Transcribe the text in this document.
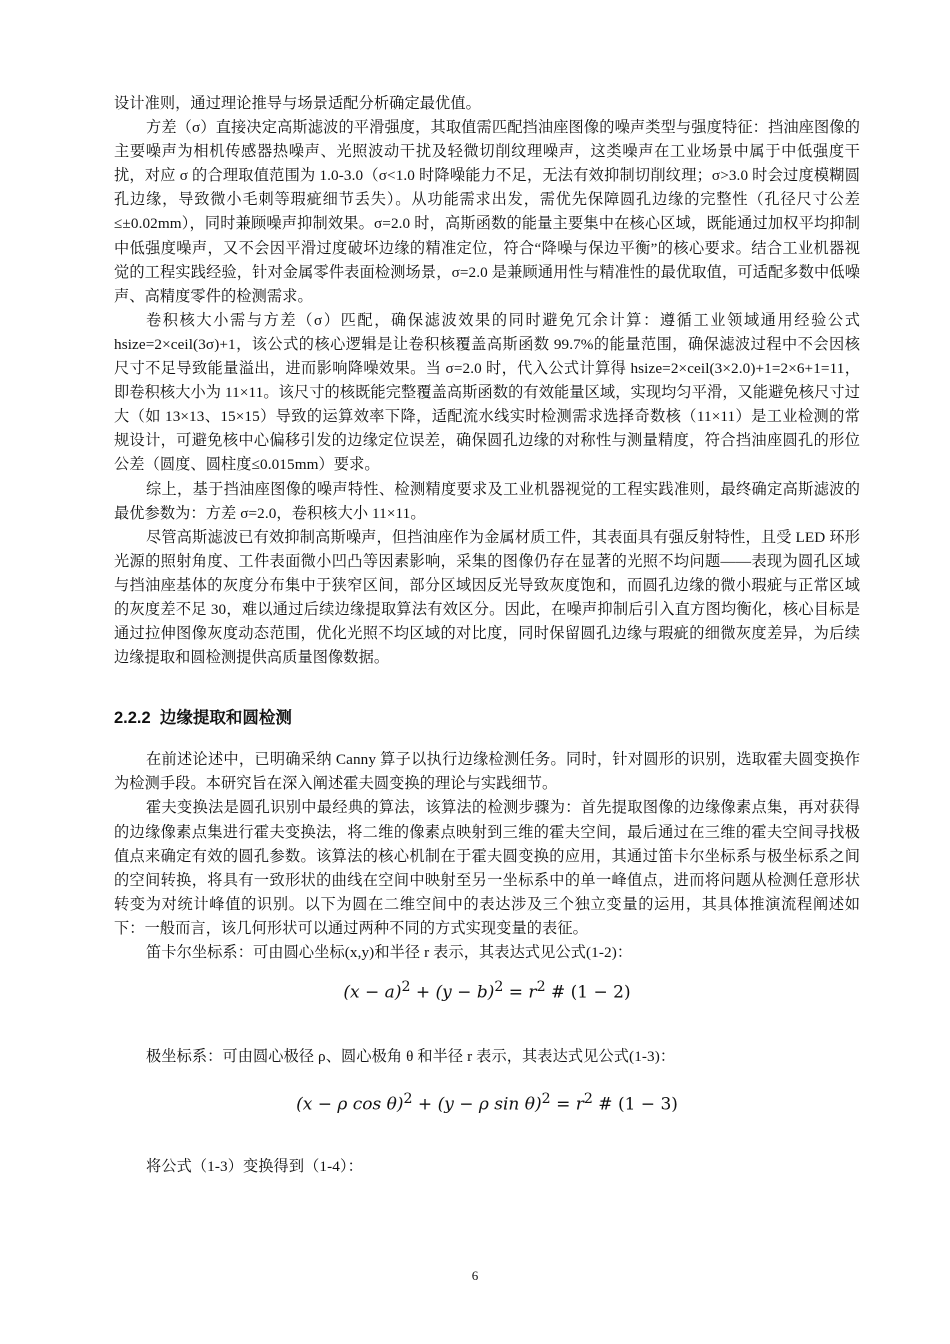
设计准则，通过理论推导与场景适配分析确定最优值。

方差（σ）直接决定高斯滤波的平滑强度，其取值需匹配挡油座图像的噪声类型与强度特征：挡油座图像的主要噪声为相机传感器热噪声、光照波动干扰及轻微切削纹理噪声，这类噪声在工业场景中属于中低强度干扰，对应 σ 的合理取值范围为 1.0-3.0（σ<1.0 时降噪能力不足，无法有效抑制切削纹理；σ>3.0 时会过度模糊圆孔边缘，导致微小毛刺等瑕疵细节丢失）。从功能需求出发，需优先保障圆孔边缘的完整性（孔径尺寸公差≤±0.02mm），同时兼顾噪声抑制效果。σ=2.0 时，高斯函数的能量主要集中在核心区域，既能通过加权平均抑制中低强度噪声，又不会因平滑过度破坏边缘的精准定位，符合“降噪与保边平衡”的核心要求。结合工业机器视觉的工程实践经验，针对金属零件表面检测场景，σ=2.0 是兼顾通用性与精准性的最优取值，可适配多数中低噪声、高精度零件的检测需求。

卷积核大小需与方差（σ）匹配，确保滤波效果的同时避免冗余计算：遵循工业领域通用经验公式 hsize=2×ceil(3σ)+1，该公式的核心逻辑是让卷积核覆盖高斯函数 99.7%的能量范围，确保滤波过程中不会因核尺寸不足导致能量溢出，进而影响降噪效果。当 σ=2.0 时，代入公式计算得 hsize=2×ceil(3×2.0)+1=2×6+1=11，即卷积核大小为 11×11。该尺寸的核既能完整覆盖高斯函数的有效能量区域，实现均匀平滑，又能避免核尺寸过大（如 13×13、15×15）导致的运算效率下降，适配流水线实时检测需求选择奇数核（11×11）是工业检测的常规设计，可避免核中心偏移引发的边缘定位误差，确保圆孔边缘的对称性与测量精度，符合挡油座圆孔的形位公差（圆度、圆柱度≤0.015mm）要求。

综上，基于挡油座图像的噪声特性、检测精度要求及工业机器视觉的工程实践准则，最终确定高斯滤波的最优参数为：方差 σ=2.0，卷积核大小 11×11。

尽管高斯滤波已有效抑制高斯噪声，但挡油座作为金属材质工件，其表面具有强反射特性，且受 LED 环形光源的照射角度、工件表面微小凹凸等因素影响，采集的图像仍存在显著的光照不均问题——表现为圆孔区域与挡油座基体的灰度分布集中于狭窄区间，部分区域因反光导致灰度饱和，而圆孔边缘的微小瑕疵与正常区域的灰度差不足 30，难以通过后续边缘提取算法有效区分。因此，在噪声抑制后引入直方图均衡化，核心目标是通过拉伸图像灰度动态范围，优化光照不均区域的对比度，同时保留圆孔边缘与瑕疵的细微灰度差异，为后续边缘提取和圆检测提供高质量图像数据。

2.2.2 边缘提取和圆检测

在前述论述中，已明确采纳 Canny 算子以执行边缘检测任务。同时，针对圆形的识别，选取霍夫圆变换作为检测手段。本研究旨在深入阐述霍夫圆变换的理论与实践细节。

霍夫变换法是圆孔识别中最经典的算法，该算法的检测步骤为：首先提取图像的边缘像素点集，再对获得的边缘像素点集进行霍夫变换法，将二维的像素点映射到三维的霍夫空间，最后通过在三维的霍夫空间寻找极值点来确定有效的圆孔参数。该算法的核心机制在于霍夫圆变换的应用，其通过笛卡尔坐标系与极坐标系之间的空间转换，将具有一致形状的曲线在空间中映射至另一坐标系中的单一峰值点，进而将问题从检测任意形状转变为对统计峰值的识别。以下为圆在二维空间中的表达涉及三个独立变量的运用，其具体推演流程阐述如下：一般而言，该几何形状可以通过两种不同的方式实现变量的表征。

笛卡尔坐标系：可由圆心坐标(x,y)和半径 r 表示，其表达式见公式(1-2)：

$(x - a)^2 + (y - b)^2 = r^2$ # (1 − 2)

极坐标系：可由圆心极径 ρ、圆心极角 θ 和半径 r 表示，其表达式见公式(1-3)：

(x − ρ cos θ)$^2$ + (y − ρ $\sin \theta)^2 = r^2$ # (1 − 3)

将公式（1-3）变换得到（1-4）：

6
